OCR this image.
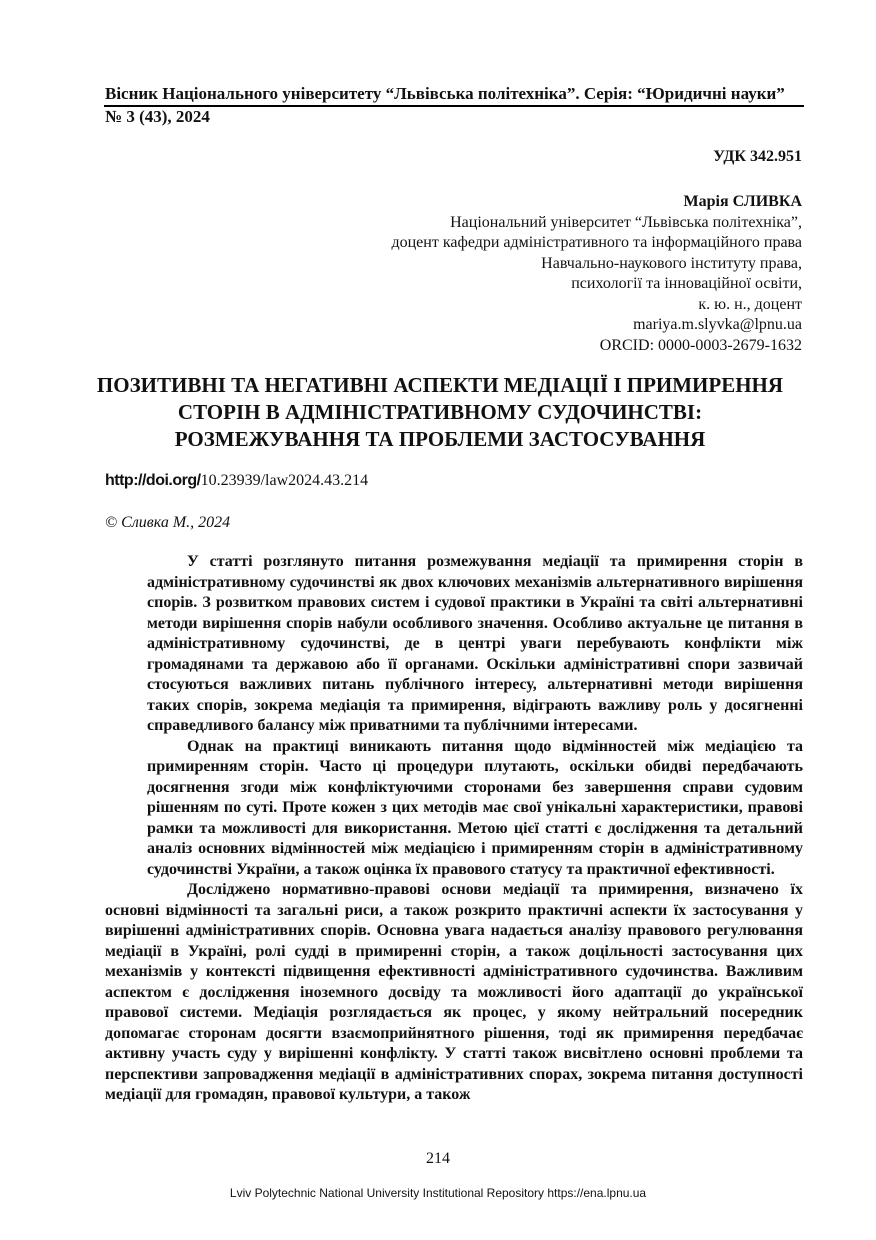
Вісник Національного університету “Львівська політехніка”. Серія: “Юридичні науки”
№ 3 (43), 2024
УДК 342.951
Марія СЛИВКА
Національний університет “Львівська політехніка”,
доцент кафедри адміністративного та інформаційного права
Навчально-наукового інституту права,
психології та інноваційної освіти,
к. ю. н., доцент
mariya.m.slyvka@lpnu.ua
ORCID: 0000-0003-2679-1632
ПОЗИТИВНІ ТА НЕГАТИВНІ АСПЕКТИ МЕДІАЦІЇ І ПРИМИРЕННЯ
СТОРІН В АДМІНІСТРАТИВНОМУ СУДОЧИНСТВІ:
РОЗМЕЖУВАННЯ ТА ПРОБЛЕМИ ЗАСТОСУВАННЯ
http://doi.org/10.23939/law2024.43.214
© Сливка М., 2024

У статті розглянуто питання розмежування медіації та примирення сторін в адміністративному судочинстві як двох ключових механізмів альтернативного вирішення спорів. З розвитком правових систем і судової практики в Україні та світі альтернативні методи вирішення спорів набули особливого значення. Особливо актуальне це питання в адміністративному судочинстві, де в центрі уваги перебувають конфлікти між громадянами та державою або її органами. Оскільки адміністративні спори зазвичай стосуються важливих питань публічного інтересу, альтернативні методи вирішення таких спорів, зокрема медіація та примирення, відіграють важливу роль у досягненні справедливого балансу між приватними та публічними інтересами.

Однак на практиці виникають питання щодо відмінностей між медіацією та примиренням сторін. Часто ці процедури плутають, оскільки обидві передбачають досягнення згоди між конфліктуючими сторонами без завершення справи судовим рішенням по суті. Проте кожен з цих методів має свої унікальні характеристики, правові рамки та можливості для використання. Метою цієї статті є дослідження та детальний аналіз основних відмінностей між медіацією і примиренням сторін в адміністративному судочинстві України, а також оцінка їх правового статусу та практичної ефективності.

Досліджено нормативно-правові основи медіації та примирення, визначено їх основні відмінності та загальні риси, а також розкрито практичні аспекти їх застосування у вирішенні адміністративних спорів. Основна увага надається аналізу правового регулювання медіації в Україні, ролі судді в примиренні сторін, а також доцільності застосування цих механізмів у контексті підвищення ефективності адміністративного судочинства. Важливим аспектом є дослідження іноземного досвіду та можливості його адаптації до української правової системи. Медіація розглядається як процес, у якому нейтральний посередник допомагає сторонам досягти взаємоприйнятного рішення, тоді як примирення передбачає активну участь суду у вирішенні конфлікту. У статті також висвітлено основні проблеми та перспективи запровадження медіації в адміністративних спорах, зокрема питання доступності медіації для громадян, правової культури, а також

214
Lviv Polytechnic National University Institutional Repository https://ena.lpnu.ua
